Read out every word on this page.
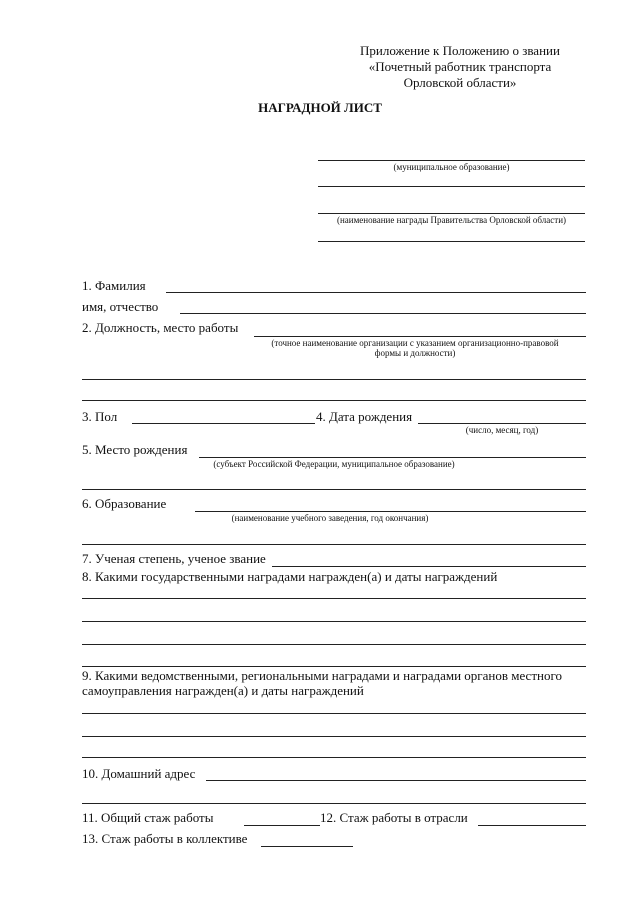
Приложение к Положению о звании
«Почетный работник транспорта
Орловской области»
НАГРАДНОЙ ЛИСТ
(муниципальное образование)
(наименование награды Правительства Орловской области)
1. Фамилия
имя, отчество
2. Должность, место работы
(точное наименование организации с указанием организационно-правовой
формы и должности)
3. Пол	4. Дата рождения
(число, месяц, год)
5. Место рождения
(субъект Российской Федерации, муниципальное образование)
6. Образование
(наименование учебного заведения, год окончания)
7. Ученая степень, ученое звание
8. Какими государственными наградами награжден(а) и даты награждений
9. Какими ведомственными, региональными наградами и наградами органов местного
самоуправления награжден(а) и даты награждений
10. Домашний адрес
11. Общий стаж работы	12. Стаж работы в отрасли
13. Стаж работы в коллективе
